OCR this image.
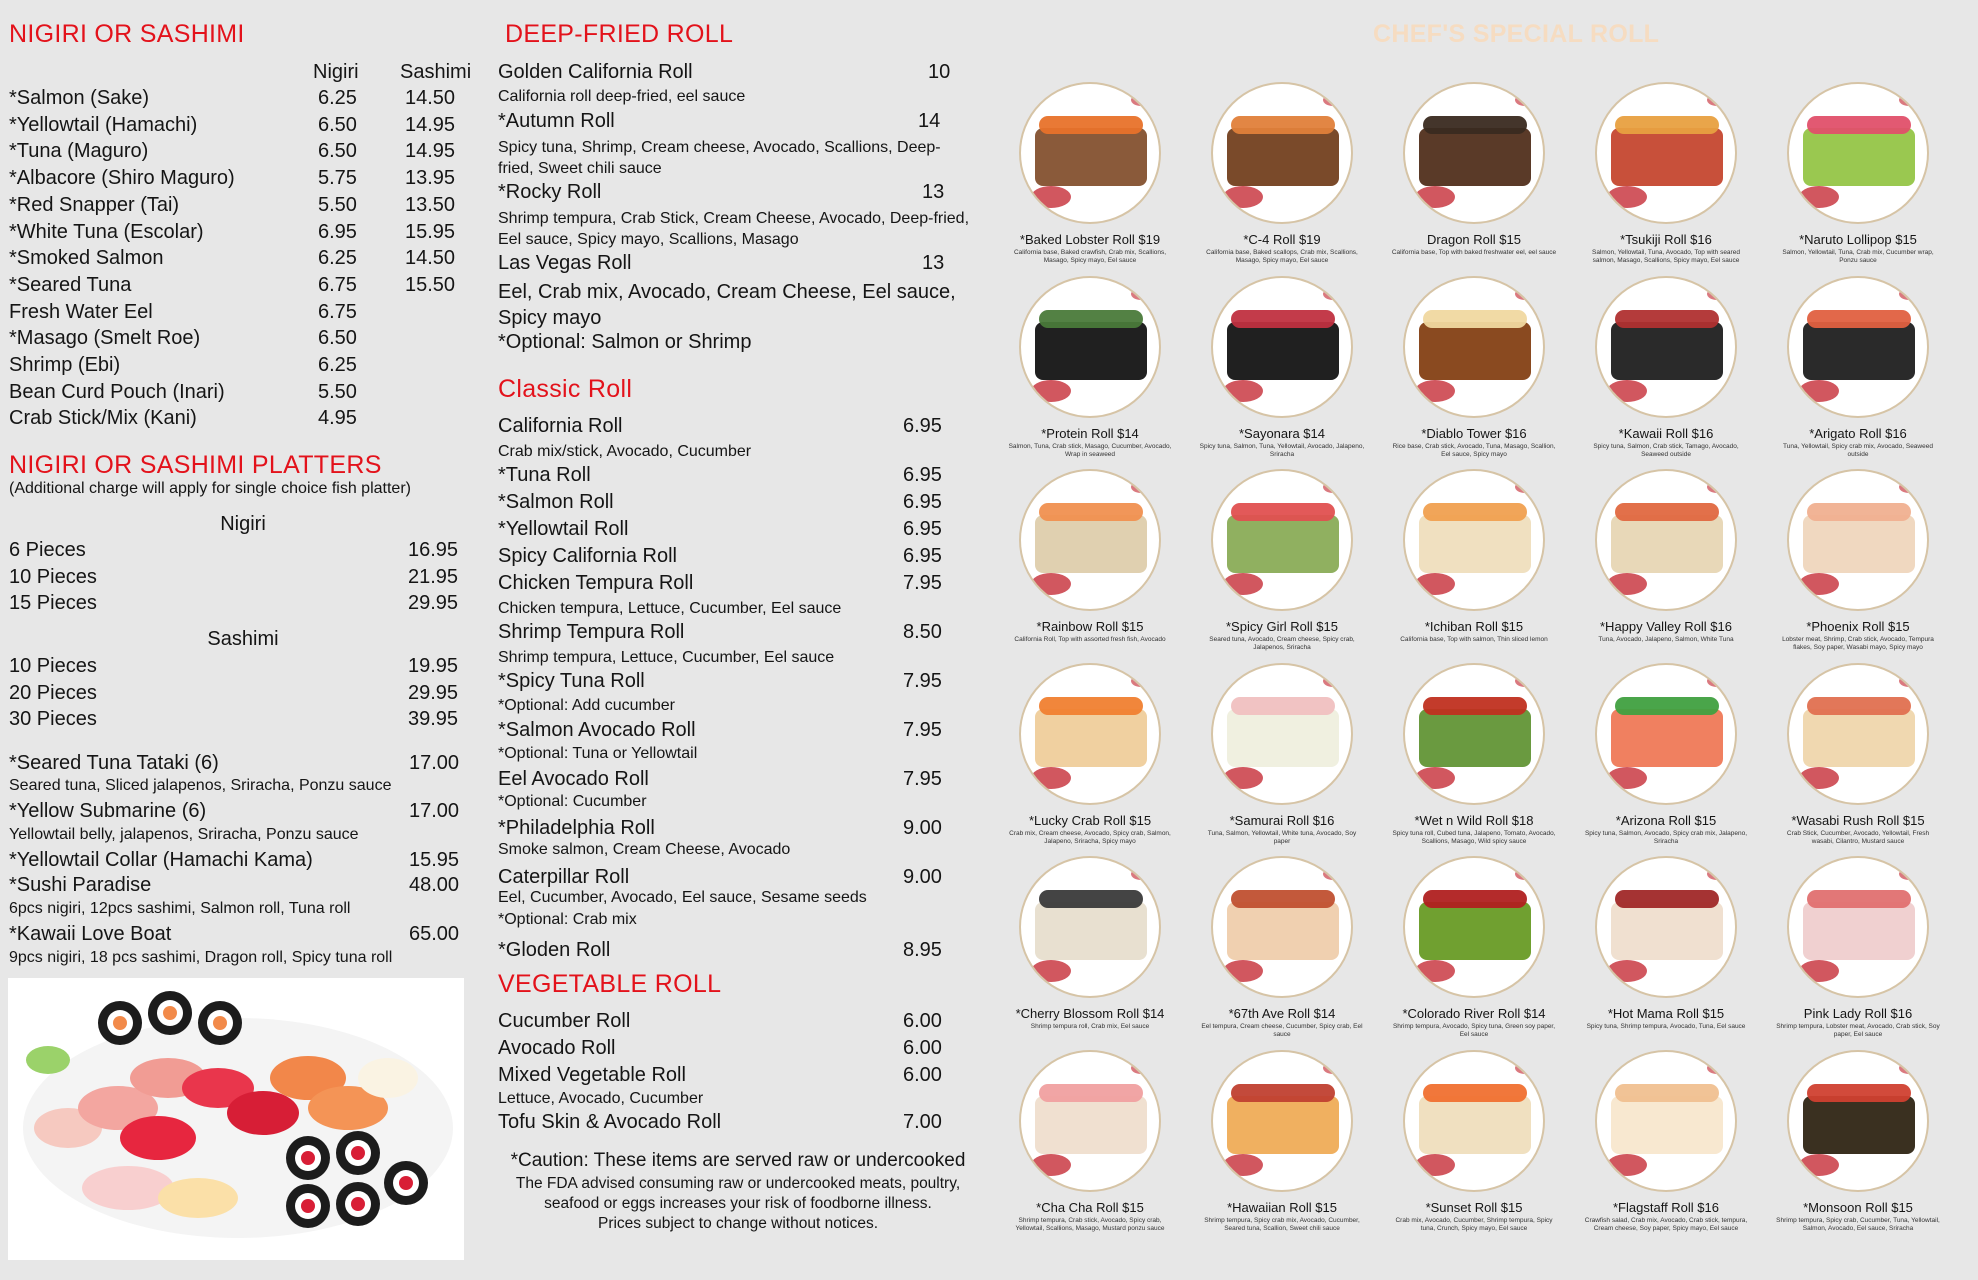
NIGIRI OR SASHIMI
Nigiri Sashimi
*Salmon (Sake)	6.25 14.50
*Yellowtail (Hamachi)	6.50 14.95
*Tuna (Maguro)	6.50 14.95
*Albacore (Shiro Maguro)	5.75 13.95
*Red Snapper (Tai)	5.50 13.50
*White Tuna (Escolar)	6.95 15.95
*Smoked Salmon	6.25 14.50
*Seared Tuna	6.75 15.50
Fresh Water Eel	6.75
*Masago (Smelt Roe)	6.50
Shrimp (Ebi)	6.25
Bean Curd Pouch (Inari)	5.50
Crab Stick/Mix (Kani)	4.95
NIGIRI OR SASHIMI PLATTERS
(Additional charge will apply for single choice fish platter)
Nigiri
6 Pieces	16.95
10 Pieces	21.95
15 Pieces	29.95
Sashimi
10 Pieces	19.95
20 Pieces	29.95
30 Pieces	39.95
*Seared Tuna Tataki (6)	17.00
Seared tuna, Sliced jalapenos, Sriracha, Ponzu sauce
*Yellow Submarine (6)	17.00
Yellowtail belly, jalapenos, Sriracha, Ponzu sauce
*Yellowtail Collar (Hamachi Kama)	15.95
*Sushi Paradise	48.00
6pcs nigiri, 12pcs sashimi, Salmon roll, Tuna roll
*Kawaii Love Boat	65.00
9pcs nigiri, 18 pcs sashimi, Dragon roll, Spicy tuna roll
DEEP-FRIED ROLL
Golden California Roll	10
California roll deep-fried, eel sauce
*Autumn Roll	14
Spicy tuna, Shrimp, Cream cheese, Avocado, Scallions, Deep-fried, Sweet chili sauce
*Rocky Roll	13
Shrimp tempura, Crab Stick, Cream Cheese, Avocado, Deep-fried, Eel sauce, Spicy mayo, Scallions, Masago
Las Vegas Roll	13
Eel, Crab mix, Avocado, Cream Cheese, Eel sauce, Spicy mayo
*Optional: Salmon or Shrimp
Classic Roll
California Roll	6.95
Crab mix/stick, Avocado, Cucumber
*Tuna Roll	6.95
*Salmon Roll	6.95
*Yellowtail Roll	6.95
Spicy California Roll	6.95
Chicken Tempura Roll	7.95
Chicken tempura, Lettuce, Cucumber, Eel sauce
Shrimp Tempura Roll	8.50
Shrimp tempura, Lettuce, Cucumber, Eel sauce
*Spicy Tuna Roll	7.95
*Optional: Add cucumber
*Salmon Avocado Roll	7.95
*Optional: Tuna or Yellowtail
Eel Avocado Roll	7.95
*Optional: Cucumber
*Philadelphia Roll	9.00
Smoke salmon, Cream Cheese, Avocado
Caterpillar Roll	9.00
Eel, Cucumber, Avocado, Eel sauce, Sesame seeds
*Gloden Roll	8.95
*Optional: Crab mix
VEGETABLE ROLL
Cucumber Roll	6.00
Avocado Roll	6.00
Mixed Vegetable Roll	6.00
Lettuce, Avocado, Cucumber
Tofu Skin & Avocado Roll	7.00
*Caution: These items are served raw or undercooked
The FDA advised consuming raw or undercooked meats, poultry,
seafood or eggs increases your risk of foodborne illness.
Prices subject to change without notices.
CHEF'S SPECIAL ROLL
*Baked Lobster Roll $19
California base, Baked crawfish, Crab mix, Scallions, Masago, Spicy mayo, Eel sauce
*C-4 Roll $19
California base, Baked scallops, Crab mix, Scallions, Masago, Spicy mayo, Eel sauce
Dragon Roll $15
California base, Top with baked freshwater eel, eel sauce
*Tsukiji Roll $16
Salmon, Yellowtail, Tuna, Avocado, Top with seared salmon, Masago, Scallions, Spicy mayo, Eel sauce
*Naruto Lollipop $15
Salmon, Yellowtail, Tuna, Crab mix, Cucumber wrap, Ponzu sauce
*Protein Roll $14
Salmon, Tuna, Crab stick, Masago, Cucumber, Avocado, Wrap in seaweed
*Sayonara $14
Spicy tuna, Salmon, Tuna, Yellowtail, Avocado, Jalapeno, Sriracha
*Diablo Tower $16
Rice base, Crab stick, Avocado, Tuna, Masago, Scallion, Eel sauce, Spicy mayo
*Kawaii Roll $16
Spicy tuna, Salmon, Crab stick, Tamago, Avocado, Seaweed outside
*Arigato Roll $16
Tuna, Yellowtail, Spicy crab mix, Avocado, Seaweed outside
*Rainbow Roll $15
California Roll, Top with assorted fresh fish, Avocado
*Spicy Girl Roll $15
Seared tuna, Avocado, Cream cheese, Spicy crab, Jalapenos, Sriracha
*Ichiban Roll $15
California base, Top with salmon, Thin sliced lemon
*Happy Valley Roll $16
Tuna, Avocado, Jalapeno, Salmon, White Tuna
*Phoenix Roll $15
Lobster meat, Shrimp, Crab stick, Avocado, Tempura flakes, Soy paper, Wasabi mayo, Spicy mayo
*Lucky Crab Roll $15
Crab mix, Cream cheese, Avocado, Spicy crab, Salmon, Jalapeno, Sriracha, Spicy mayo
*Samurai Roll $16
Tuna, Salmon, Yellowtail, White tuna, Avocado, Soy paper
*Wet n Wild Roll $18
Spicy tuna roll, Cubed tuna, Jalapeno, Tomato, Avocado, Scallions, Masago, Wild spicy sauce
*Arizona Roll $15
Spicy tuna, Salmon, Avocado, Spicy crab mix, Jalapeno, Sriracha
*Wasabi Rush Roll $15
Crab Stick, Cucumber, Avocado, Yellowtail, Fresh wasabi, Cilantro, Mustard sauce
*Cherry Blossom Roll $14
Shrimp tempura roll, Crab mix, Eel sauce
*67th Ave Roll $14
Eel tempura, Cream cheese, Cucumber, Spicy crab, Eel sauce
*Colorado River Roll $14
Shrimp tempura, Avocado, Spicy tuna, Green soy paper, Eel sauce
*Hot Mama Roll $15
Spicy tuna, Shrimp tempura, Avocado, Tuna, Eel sauce
Pink Lady Roll $16
Shrimp tempura, Lobster meat, Avocado, Crab stick, Soy paper, Eel sauce
*Cha Cha Roll $15
Shrimp tempura, Crab stick, Avocado, Spicy crab, Yellowtail, Scallions, Masago, Mustard ponzu sauce
*Hawaiian Roll $15
Shrimp tempura, Spicy crab mix, Avocado, Cucumber, Seared tuna, Scallion, Sweet chili sauce
*Sunset Roll $15
Crab mix, Avocado, Cucumber, Shrimp tempura, Spicy tuna, Crunch, Spicy mayo, Eel sauce
*Flagstaff Roll $16
Crawfish salad, Crab mix, Avocado, Crab stick, tempura, Cream cheese, Soy paper, Spicy mayo, Eel sauce
*Monsoon Roll $15
Shrimp tempura, Spicy crab, Cucumber, Tuna, Yellowtail, Salmon, Avocado, Eel sauce, Sriracha
